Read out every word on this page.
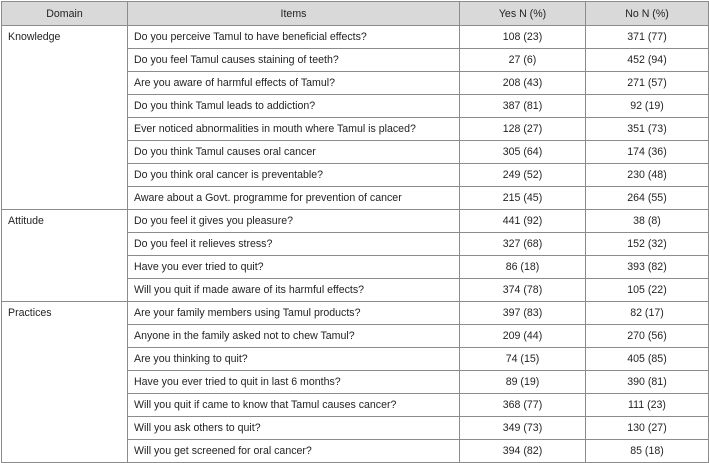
Domain	Items	Yes N (%)	No N (%)
Knowledge	Do you perceive Tamul to have beneficial effects?	108 (23)	371 (77)
	Do you feel Tamul causes staining of teeth?	27 (6)	452 (94)
	Are you aware of harmful effects of Tamul?	208 (43)	271 (57)
	Do you think Tamul leads to addiction?	387 (81)	92 (19)
	Ever noticed abnormalities in mouth where Tamul is placed?	128 (27)	351 (73)
	Do you think Tamul causes oral cancer	305 (64)	174 (36)
	Do you think oral cancer is preventable?	249 (52)	230 (48)
	Aware about a Govt. programme for prevention of cancer	215 (45)	264 (55)
Attitude	Do you feel it gives you pleasure?	441 (92)	38 (8)
	Do you feel it relieves stress?	327 (68)	152 (32)
	Have you ever tried to quit?	86 (18)	393 (82)
	Will you quit if made aware of its harmful effects?	374 (78)	105 (22)
Practices	Are your family members using Tamul products?	397 (83)	82 (17)
	Anyone in the family asked not to chew Tamul?	209 (44)	270 (56)
	Are you thinking to quit?	74 (15)	405 (85)
	Have you ever tried to quit in last 6 months?	89 (19)	390 (81)
	Will you quit if came to know that Tamul causes cancer?	368 (77)	111 (23)
	Will you ask others to quit?	349 (73)	130 (27)
	Will you get screened for oral cancer?	394 (82)	85 (18)
